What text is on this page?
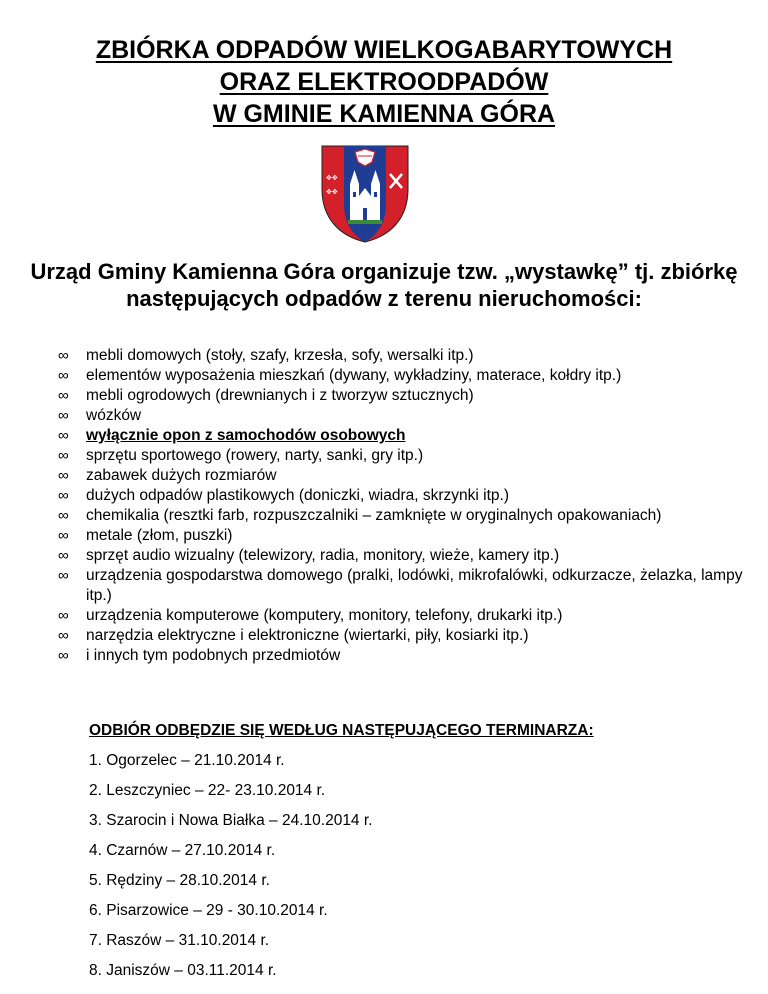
ZBIÓRKA ODPADÓW WIELKOGABARYTOWYCH
ORAZ ELEKTROODPADÓW
W GMINIE KAMIENNA GÓRA
✥✥
✥✥
Urząd Gminy Kamienna Góra organizuje tzw. „wystawkę” tj. zbiórkę następujących odpadów z terenu nieruchomości:
∞ mebli domowych (stoły, szafy, krzesła, sofy, wersalki itp.)
∞ elementów wyposażenia mieszkań (dywany, wykładziny, materace, kołdry itp.)
∞ mebli ogrodowych (drewnianych i z tworzyw sztucznych)
∞ wózków
∞ wyłącznie opon z samochodów osobowych
∞ sprzętu sportowego (rowery, narty, sanki, gry itp.)
∞ zabawek dużych rozmiarów
∞ dużych odpadów plastikowych (doniczki, wiadra, skrzynki itp.)
∞ chemikalia (resztki farb, rozpuszczalniki – zamknięte w oryginalnych opakowaniach)
∞ metale (złom, puszki)
∞ sprzęt audio wizualny (telewizory, radia, monitory, wieże, kamery itp.)
∞ urządzenia gospodarstwa domowego (pralki, lodówki, mikrofalówki, odkurzacze, żelazka, lampy itp.)
∞ urządzenia komputerowe (komputery, monitory, telefony, drukarki itp.)
∞ narzędzia elektryczne i elektroniczne (wiertarki, piły, kosiarki itp.)
∞ i innych tym podobnych przedmiotów
ODBIÓR ODBĘDZIE SIĘ WEDŁUG NASTĘPUJĄCEGO TERMINARZA:
1. Ogorzelec – 21.10.2014 r.
2. Leszczyniec – 22- 23.10.2014 r.
3. Szarocin i Nowa Białka – 24.10.2014 r.
4. Czarnów – 27.10.2014 r.
5. Rędziny – 28.10.2014 r.
6. Pisarzowice – 29 - 30.10.2014 r.
7. Raszów – 31.10.2014 r.
8. Janiszów – 03.11.2014 r.
